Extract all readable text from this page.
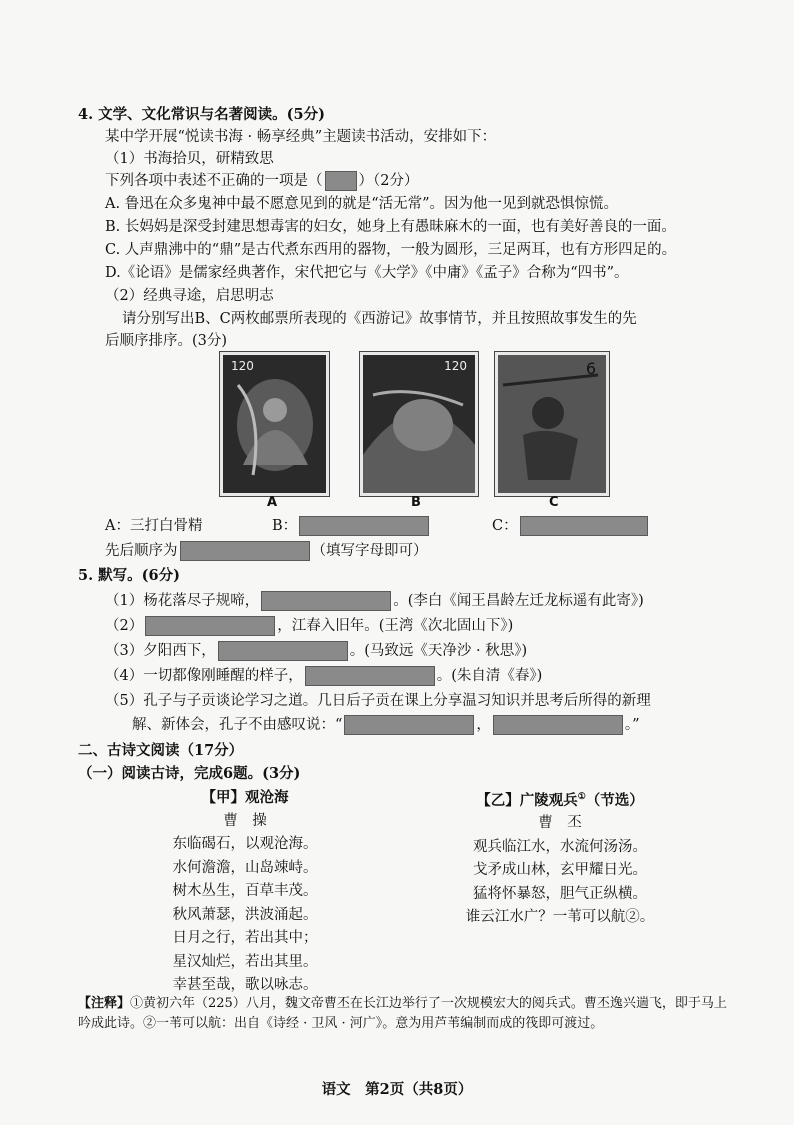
4. 文学、文化常识与名著阅读。(5分)
某中学开展“悦读书海 · 畅享经典”主题读书活动，安排如下：
（1）书海拾贝，研精致思
下列各项中表述不正确的一项是（ ）（2分）
A. 鲁迅在众多鬼神中最不愿意见到的就是“活无常”。因为他一见到就恐惧惊慌。
B. 长妈妈是深受封建思想毒害的妇女，她身上有愚昧麻木的一面，也有美好善良的一面。
C. 人声鼎沸中的“鼎”是古代煮东西用的器物，一般为圆形，三足两耳，也有方形四足的。
D.《论语》是儒家经典著作，宋代把它与《大学》《中庸》《孟子》合称为“四书”。
（2）经典寻途，启思明志
请分别写出B、C两枚邮票所表现的《西游记》故事情节，并且按照故事发生的先
后顺序排序。(3分)
120
A
120
B
6
C
A：三打白骨精	B：	C：
先后顺序为	（填写字母即可）
5. 默写。(6分)
（1）杨花落尽子规啼，	。(李白《闻王昌龄左迁龙标遥有此寄》)
（2）	，江春入旧年。(王湾《次北固山下》)
（3）夕阳西下，	。(马致远《天净沙 · 秋思》)
（4）一切都像刚睡醒的样子，	。(朱自清《春》)
（5）孔子与子贡谈论学习之道。几日后子贡在课上分享温习知识并思考后所得的新理
解、新体会，孔子不由感叹说：“	，	。”
二、古诗文阅读（17分）
（一）阅读古诗，完成6题。(3分)
【甲】观沧海
曹　操
东临碣石，以观沧海。
水何澹澹，山岛竦峙。
树木丛生，百草丰茂。
秋风萧瑟，洪波涌起。
日月之行，若出其中；
星汉灿烂，若出其里。
幸甚至哉，歌以咏志。
【乙】广陵观兵①（节选）
曹　丕
观兵临江水，水流何汤汤。
戈矛成山林，玄甲耀日光。
猛将怀暴怒，胆气正纵横。
谁云江水广？一苇可以航②。
【注释】①黄初六年（225）八月，魏文帝曹丕在长江边举行了一次规模宏大的阅兵式。曹丕逸兴遄飞，即于马上吟成此诗。②一苇可以航：出自《诗经 · 卫风 · 河广》。意为用芦苇编制而成的筏即可渡过。
语文　第2页（共8页）
